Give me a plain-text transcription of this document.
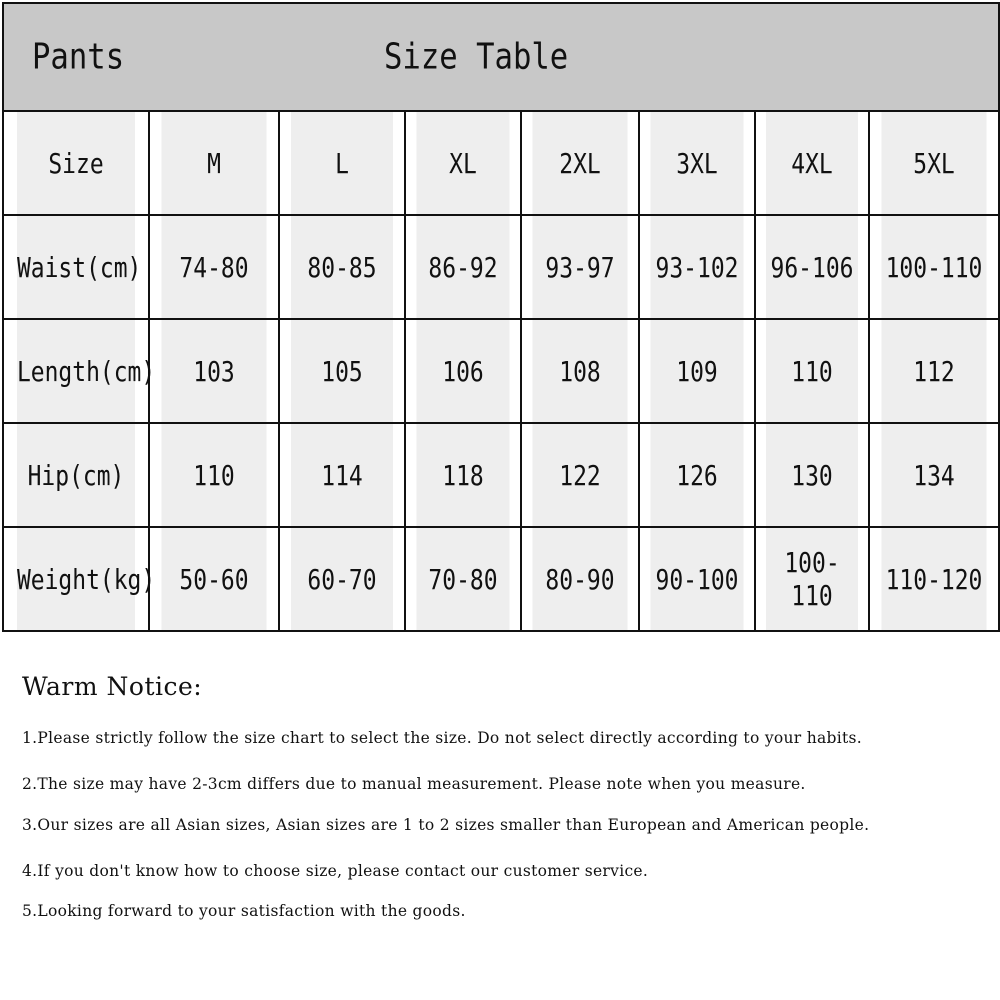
Pants Size Table							

Size	M	L	XL	2XL	3XL	4XL	5XL
Waist(cm)	74-80	80-85	86-92	93-97	93-102	96-106	100-110
Length(cm)	103	105	106	108	109	110	112
Hip(cm)	110	114	118	122	126	130	134
Weight(kg)	50-60	60-70	70-80	80-90	90-100	100-110	110-120
Warm Notice:
1.Please strictly follow the size chart to select the size. Do not select directly according to your habits.
2.The size may have 2-3cm differs due to manual measurement. Please note when you measure.
3.Our sizes are all Asian sizes, Asian sizes are 1 to 2 sizes smaller than European and American people.
4.If you don't know how to choose size, please contact our customer service.
5.Looking forward to your satisfaction with the goods.
